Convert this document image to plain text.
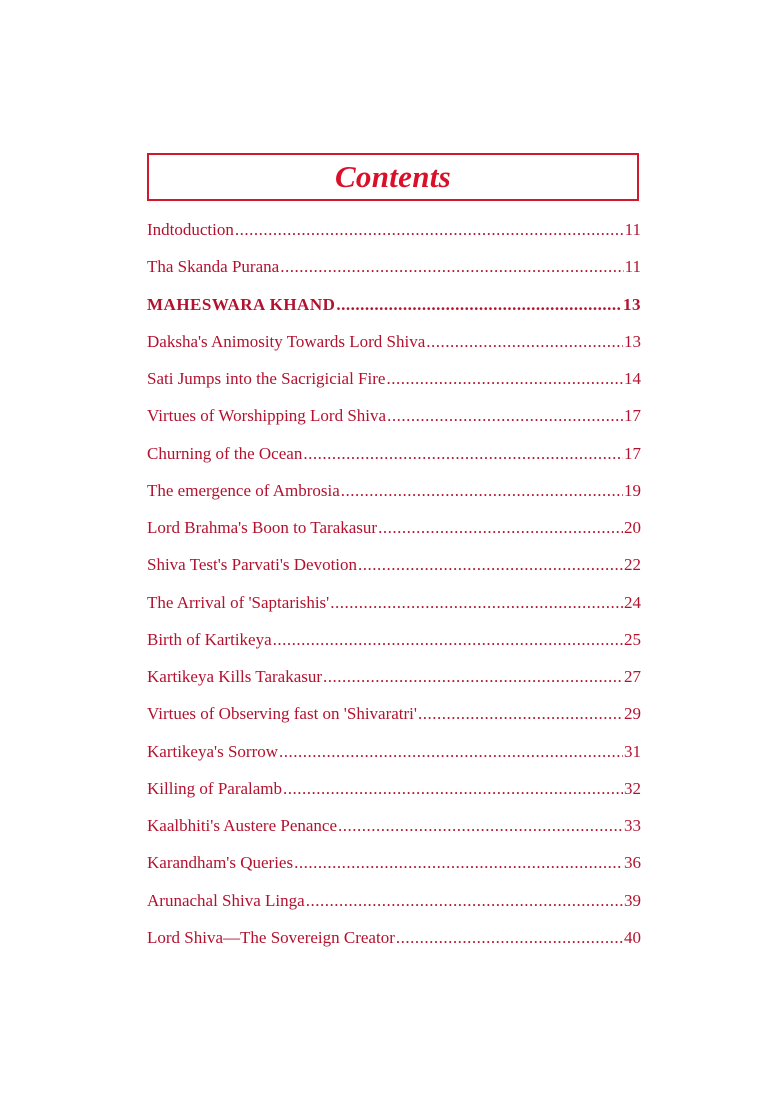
Contents
Indtoduction .....	11
Tha Skanda Purana .....	11
MAHESWARA KHAND .....	13
Daksha's Animosity Towards Lord Shiva .....	13
Sati Jumps into the Sacrigicial Fire .....	14
Virtues of Worshipping Lord Shiva .....	17
Churning of the Ocean .....	17
The emergence of Ambrosia .....	19
Lord Brahma's Boon to Tarakasur .....	20
Shiva Test's Parvati's Devotion .....	22
The Arrival of 'Saptarishis' .....	24
Birth of Kartikeya .....	25
Kartikeya Kills Tarakasur .....	27
Virtues of Observing fast on 'Shivaratri' .....	29
Kartikeya's Sorrow .....	31
Killing of Paralamb .....	32
Kaalbhiti's Austere Penance .....	33
Karandham's Queries .....	36
Arunachal Shiva Linga .....	39
Lord Shiva—The Sovereign Creator .....	40
